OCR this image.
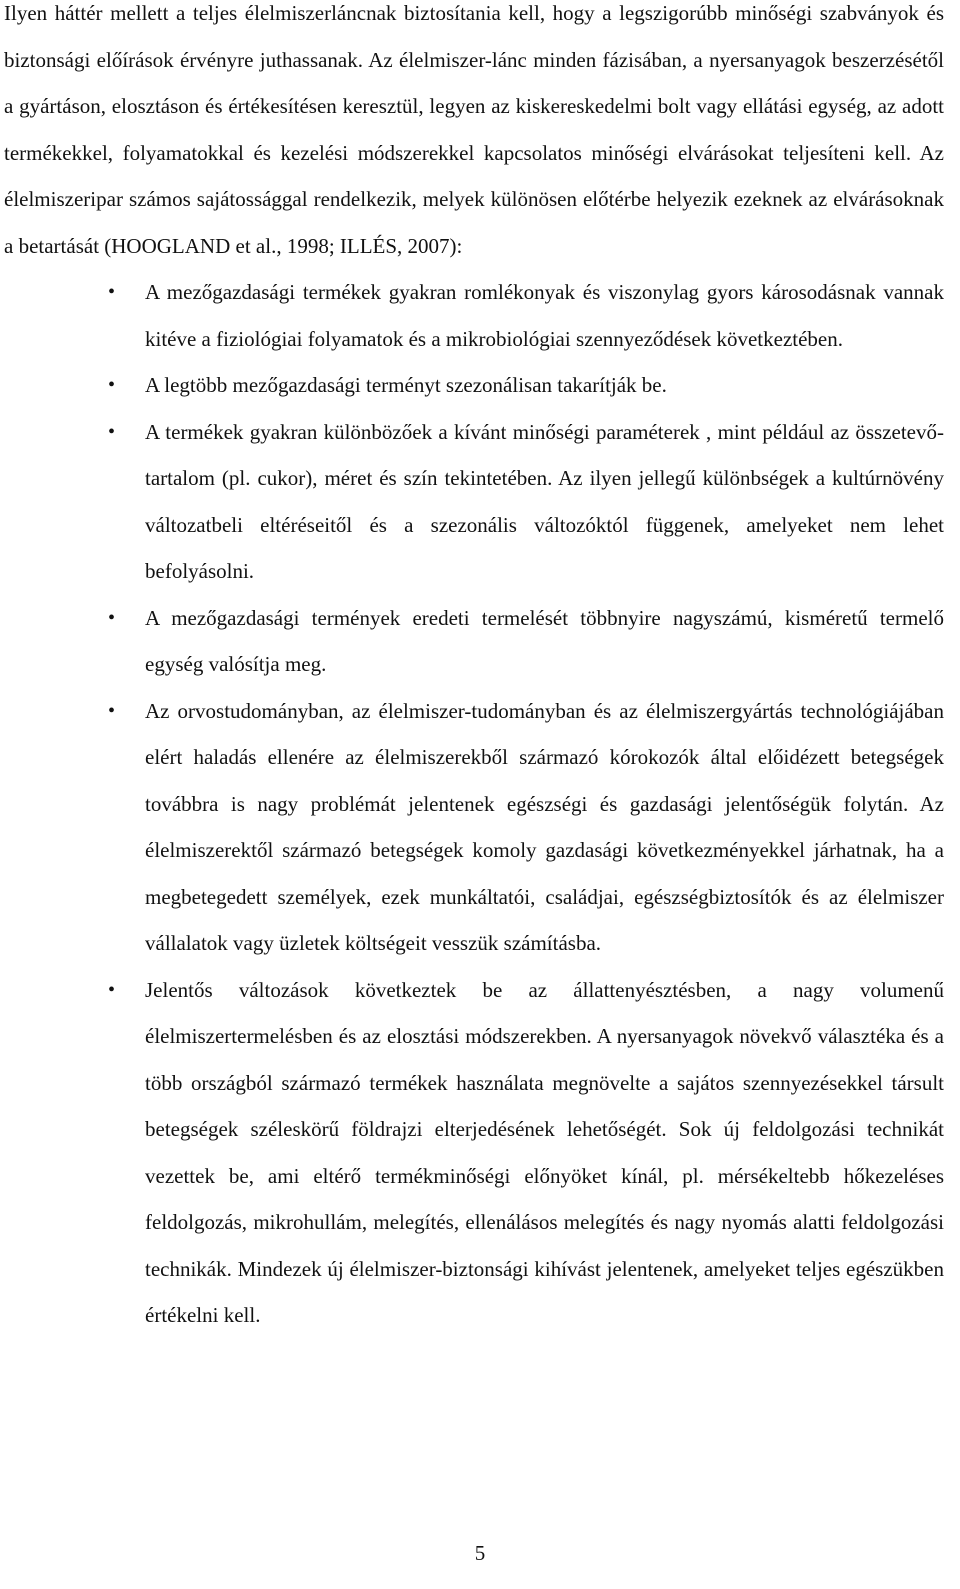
Ilyen háttér mellett a teljes élelmiszerláncnak biztosítania kell, hogy a legszigorúbb minőségi szabványok és biztonsági előírások érvényre juthassanak. Az élelmiszer-lánc minden fázisában, a nyersanyagok beszerzésétől a gyártáson, elosztáson és értékesítésen keresztül, legyen az kiskereskedelmi bolt vagy ellátási egység, az adott termékekkel, folyamatokkal és kezelési módszerekkel kapcsolatos minőségi elvárásokat teljesíteni kell. Az élelmiszeripar számos sajátossággal rendelkezik, melyek különösen előtérbe helyezik ezeknek az elvárásoknak a betartását (HOOGLAND et al., 1998; ILLÉS, 2007):

• A mezőgazdasági termékek gyakran romlékonyak és viszonylag gyors károsodásnak vannak kitéve a fiziológiai folyamatok és a mikrobiológiai szennyeződések következtében.
• A legtöbb mezőgazdasági terményt szezonálisan takarítják be.
• A termékek gyakran különbözőek a kívánt minőségi paraméterek , mint például az összetevő-tartalom (pl. cukor), méret és szín tekintetében. Az ilyen jellegű különbségek a kultúrnövény változatbeli eltéréseitől és a szezonális változóktól függenek, amelyeket nem lehet befolyásolni.
• A mezőgazdasági termények eredeti termelését többnyire nagyszámú, kisméretű termelő egység valósítja meg.
• Az orvostudományban, az élelmiszer-tudományban és az élelmiszergyártás technológiájában elért haladás ellenére az élelmiszerekből származó kórokozók által előidézett betegségek továbbra is nagy problémát jelentenek egészségi és gazdasági jelentőségük folytán. Az élelmiszerektől származó betegségek komoly gazdasági következményekkel járhatnak, ha a megbetegedett személyek, ezek munkáltatói, családjai, egészségbiztosítók és az élelmiszer vállalatok vagy üzletek költségeit vesszük számításba.
• Jelentős változások következtek be az állattenyésztésben, a nagy volumenű élelmiszertermelésben és az elosztási módszerekben. A nyersanyagok növekvő választéka és a több országból származó termékek használata megnövelte a sajátos szennyezésekkel társult betegségek széleskörű földrajzi elterjedésének lehetőségét. Sok új feldolgozási technikát vezettek be, ami eltérő termékminőségi előnyöket kínál, pl. mérsékeltebb hőkezeléses feldolgozás, mikrohullám, melegítés, ellenálásos melegítés és nagy nyomás alatti feldolgozási technikák. Mindezek új élelmiszer-biztonsági kihívást jelentenek, amelyeket teljes egészükben értékelni kell.
5
